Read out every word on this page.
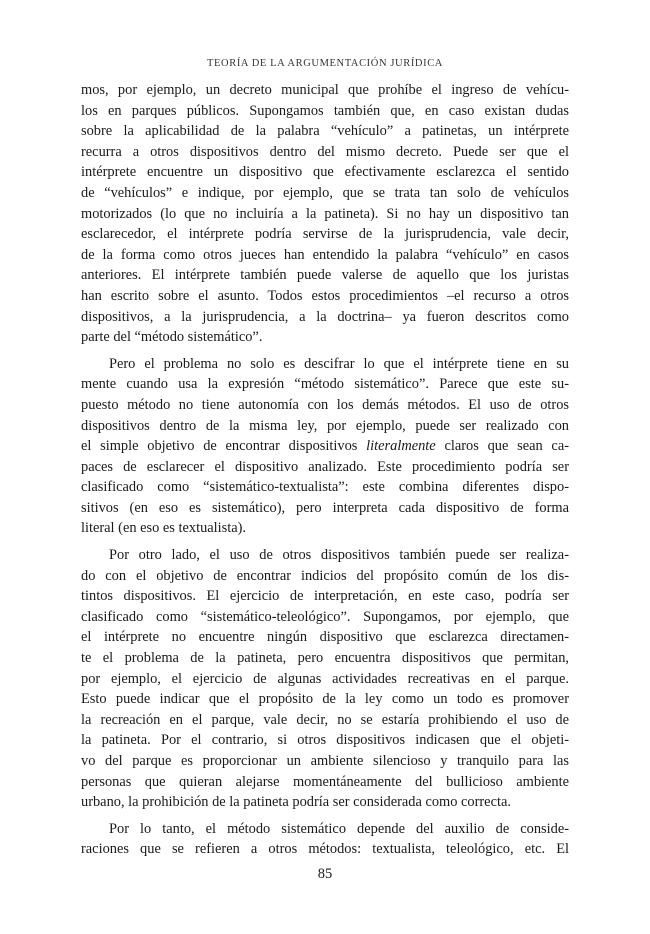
TEORÍA DE LA ARGUMENTACIÓN JURÍDICA
mos, por ejemplo, un decreto municipal que prohíbe el ingreso de vehícu-
los en parques públicos. Supongamos también que, en caso existan dudas
sobre la aplicabilidad de la palabra “vehículo” a patinetas, un intérprete
recurra a otros dispositivos dentro del mismo decreto. Puede ser que el
intérprete encuentre un dispositivo que efectivamente esclarezca el sentido
de “vehículos” e indique, por ejemplo, que se trata tan solo de vehículos
motorizados (lo que no incluiría a la patineta). Si no hay un dispositivo tan
esclarecedor, el intérprete podría servirse de la jurisprudencia, vale decir,
de la forma como otros jueces han entendido la palabra “vehículo” en casos
anteriores. El intérprete también puede valerse de aquello que los juristas
han escrito sobre el asunto. Todos estos procedimientos –el recurso a otros
dispositivos, a la jurisprudencia, a la doctrina– ya fueron descritos como
parte del “método sistemático”.
Pero el problema no solo es descifrar lo que el intérprete tiene en su
mente cuando usa la expresión “método sistemático”. Parece que este su-
puesto método no tiene autonomía con los demás métodos. El uso de otros
dispositivos dentro de la misma ley, por ejemplo, puede ser realizado con
el simple objetivo de encontrar dispositivos literalmente claros que sean ca-
paces de esclarecer el dispositivo analizado. Este procedimiento podría ser
clasificado como “sistemático-textualista”: este combina diferentes dispo-
sitivos (en eso es sistemático), pero interpreta cada dispositivo de forma
literal (en eso es textualista).
Por otro lado, el uso de otros dispositivos también puede ser realiza-
do con el objetivo de encontrar indicios del propósito común de los dis-
tintos dispositivos. El ejercicio de interpretación, en este caso, podría ser
clasificado como “sistemático-teleológico”. Supongamos, por ejemplo, que
el intérprete no encuentre ningún dispositivo que esclarezca directamen-
te el problema de la patineta, pero encuentra dispositivos que permitan,
por ejemplo, el ejercicio de algunas actividades recreativas en el parque.
Esto puede indicar que el propósito de la ley como un todo es promover
la recreación en el parque, vale decir, no se estaría prohibiendo el uso de
la patineta. Por el contrario, si otros dispositivos indicasen que el objeti-
vo del parque es proporcionar un ambiente silencioso y tranquilo para las
personas que quieran alejarse momentáneamente del bullicioso ambiente
urbano, la prohibición de la patineta podría ser considerada como correcta.
Por lo tanto, el método sistemático depende del auxilio de conside-
raciones que se refieren a otros métodos: textualista, teleológico, etc. El
85
